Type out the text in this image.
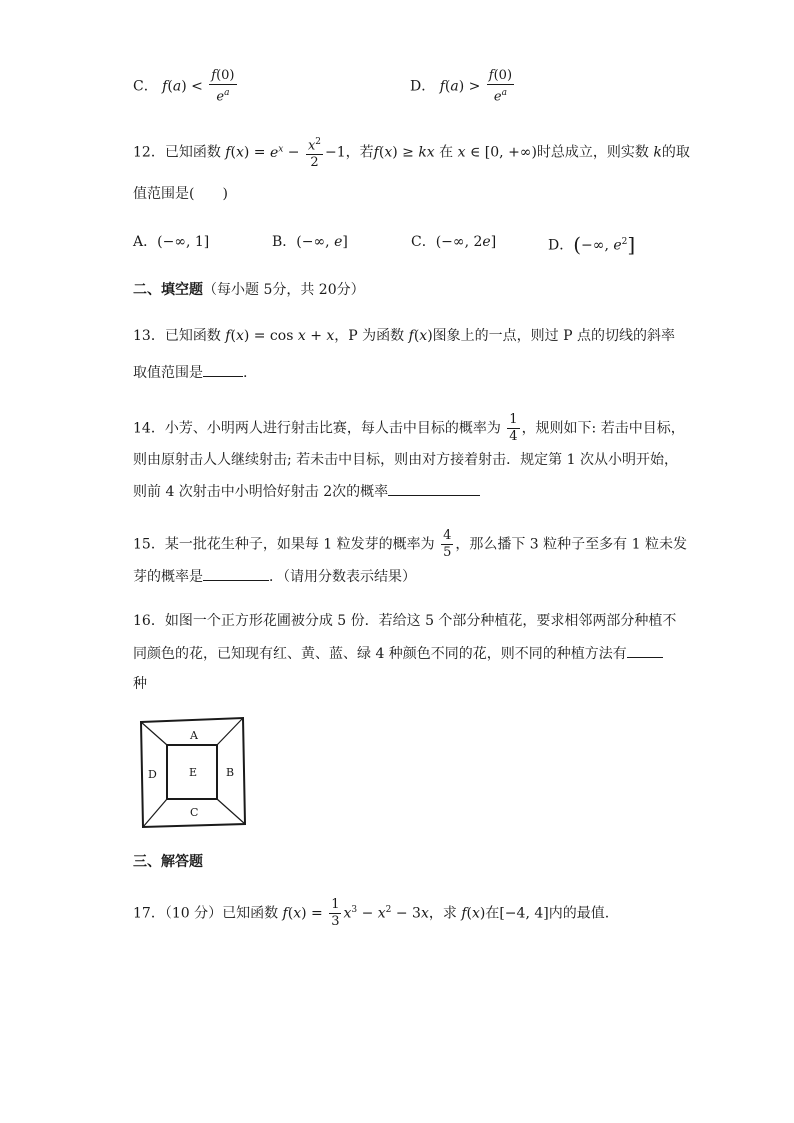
C． $f(a) < \frac{f(0)}{e^a}$	D． $f(a) > \frac{f(0)}{e^a}$
12．已知函数 $f(x) = e^x - \frac{x^2}{2} -1$，若f(x) ≥ kx 在 x ∈ [0, +∞)时总成立，则实数 k的取
值范围是(　　)
A．(−∞, 1]	B．(−∞, e]	C．(−∞, 2e]	D．(−∞, $e^2$]
二、填空题（每小题 5分，共 20分）
13．已知函数 f(x) = cos x + x，P 为函数 f(x)图象上的一点，则过 P 点的切线的斜率
取值范围是	.
14．小芳、小明两人进行射击比赛，每人击中目标的概率为 $\frac{1}{4}$ ，规则如下: 若击中目标，
则由原射击人人继续射击; 若未击中目标，则由对方接着射击．规定第 1 次从小明开始，
则前 4 次射击中小明恰好射击 2次的概率
15．某一批花生种子，如果每 1 粒发芽的概率为 $\frac{4}{5}$ ，那么播下 3 粒种子至多有 1 粒未发
芽的概率是	．（请用分数表示结果）
16．如图一个正方形花圃被分成 5 份．若给这 5 个部分种植花，要求相邻两部分种植不
同颜色的花，已知现有红、黄、蓝、绿 4 种颜色不同的花，则不同的种植方法有
种
A
B
C
D	E
三、解答题
17．（10 分）已知函数 $f(x) = \frac{1}{3} x^3 - x^2 - 3x$，求 f(x)在[−4, 4]内的最值.
